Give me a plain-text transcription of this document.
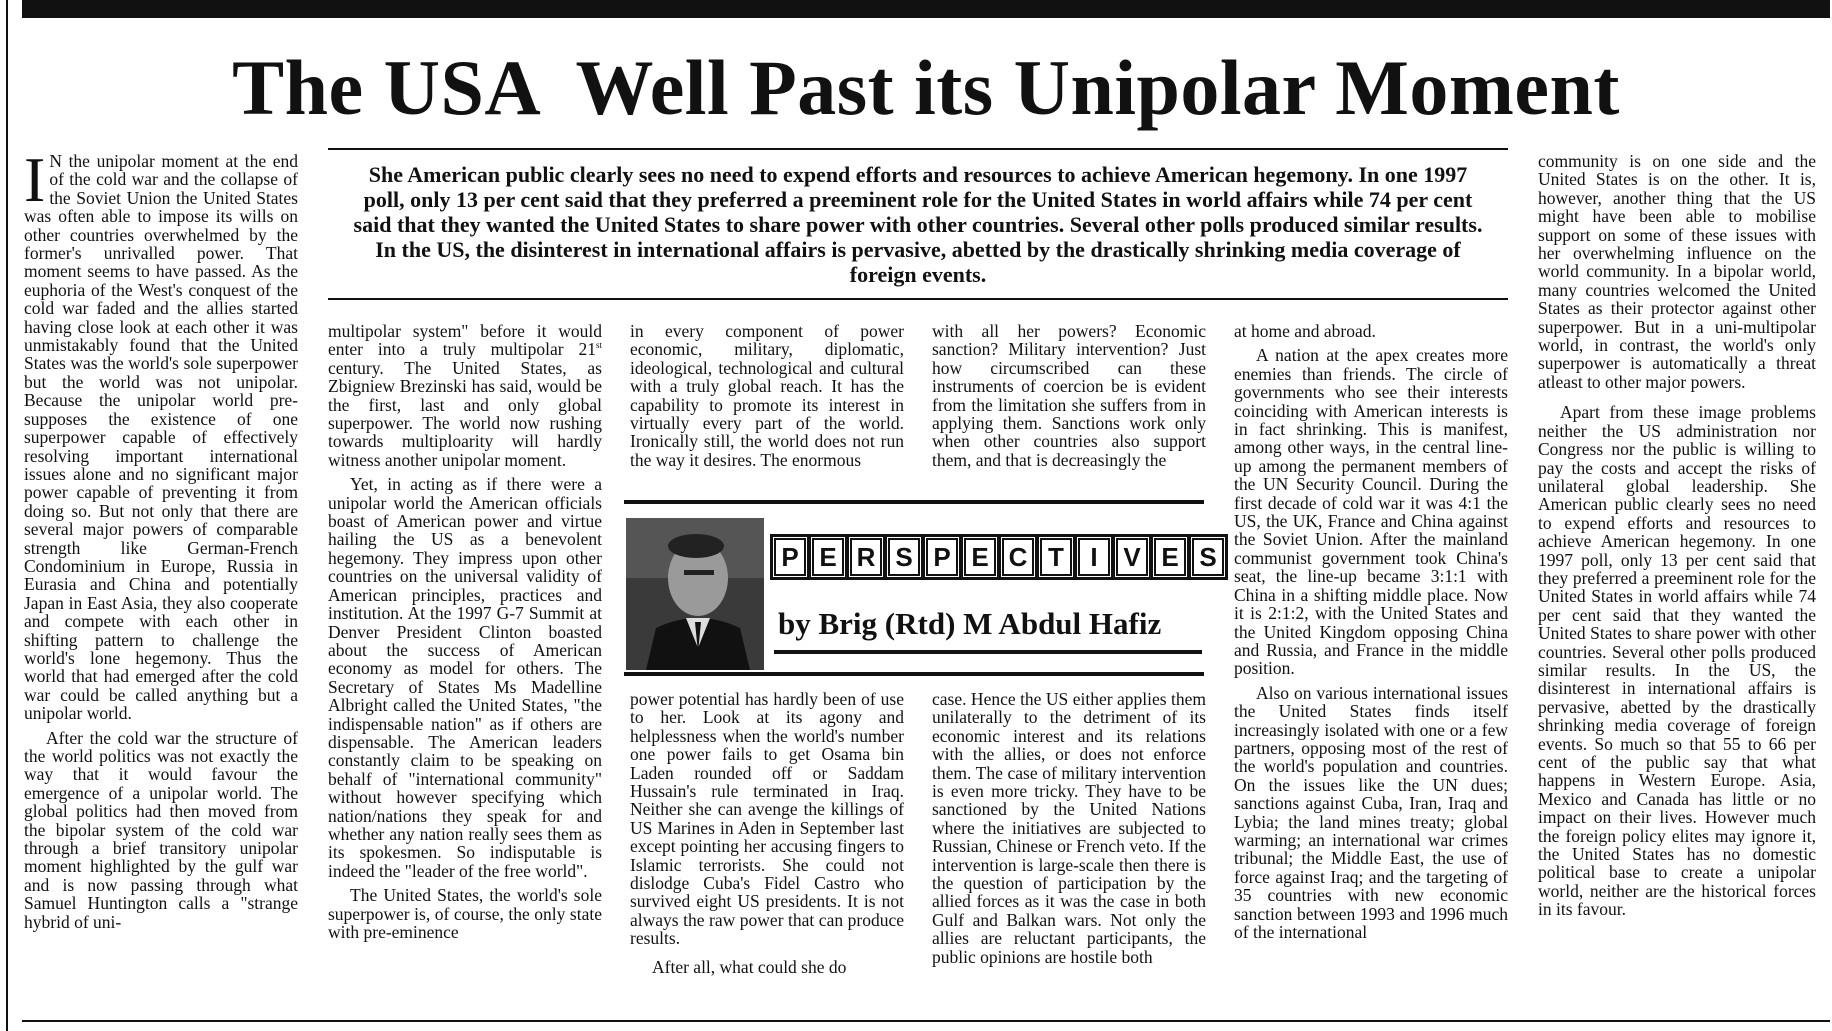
The USA  Well Past its Unipolar Moment

I N the unipolar moment at the end of the cold war and the collapse of the Soviet Union the United States was often able to impose its wills on other countries overwhelmed by the former's unrivalled power. That moment seems to have passed. As the euphoria of the West's conquest of the cold war faded and the allies started having close look at each other it was unmistakably found that the United States was the world's sole superpower but the world was not unipolar. Because the unipolar world pre-supposes the existence of one superpower capable of effectively resolving important international issues alone and no significant major power capable of preventing it from doing so. But not only that there are several major powers of comparable strength like German-French Condominium in Europe, Russia in Eurasia and China and potentially Japan in East Asia, they also cooperate and compete with each other in shifting pattern to challenge the world's lone hegemony. Thus the world that had emerged after the cold war could be called anything but a unipolar world.

After the cold war the structure of the world politics was not exactly the way that it would favour the emergence of a unipolar world. The global politics had then moved from the bipolar system of the cold war through a brief transitory unipolar moment highlighted by the gulf war and is now passing through what Samuel Huntington calls a "strange hybrid of uni-

She American public clearly sees no need to expend efforts and resources to achieve American hegemony. In one 1997 poll, only 13 per cent said that they preferred a preeminent role for the United States in world affairs while 74 per cent said that they wanted the United States to share power with other countries. Several other polls produced similar results. In the US, the disinterest in international affairs is pervasive, abetted by the drastically shrinking media coverage of foreign events.

multipolar system" before it would enter into a truly multipolar 21st century. The United States, as Zbigniew Brezinski has said, would be the first, last and only global superpower. The world now rushing towards multiploarity will hardly witness another unipolar moment.

Yet, in acting as if there were a unipolar world the American officials boast of American power and virtue hailing the US as a benevolent hegemony. They impress upon other countries on the universal validity of American principles, practices and institution. At the 1997 G-7 Summit at Denver President Clinton boasted about the success of American economy as model for others. The Secretary of States Ms Madelline Albright called the United States, "the indispensable nation" as if others are dispensable. The American leaders constantly claim to be speaking on behalf of "international community" without however specifying which nation/nations they speak for and whether any nation really sees them as its spokesmen. So indisputable is indeed the "leader of the free world".

The United States, the world's sole superpower is, of course, the only state with pre-eminence

in every component of power economic, military, diplomatic, ideological, technological and cultural with a truly global reach. It has the capability to promote its interest in virtually every part of the world. Ironically still, the world does not run the way it desires. The enormous

with all her powers? Economic sanction? Military intervention? Just how circumscribed can these instruments of coercion be is evident from the limitation she suffers from in applying them. Sanctions work only when other countries also support them, and that is decreasingly the

P E R S P E C T	I V E S

by Brig (Rtd) M Abdul Hafiz

power potential has hardly been of use to her. Look at its agony and helplessness when the world's number one power fails to get Osama bin Laden rounded off or Saddam Hussain's rule terminated in Iraq. Neither she can avenge the killings of US Marines in Aden in September last except pointing her accusing fingers to Islamic terrorists. She could not dislodge Cuba's Fidel Castro who survived eight US presidents. It is not always the raw power that can produce results.

After all, what could she do

case. Hence the US either applies them unilaterally to the detriment of its economic interest and its relations with the allies, or does not enforce them. The case of military intervention is even more tricky. They have to be sanctioned by the United Nations where the initiatives are subjected to Russian, Chinese or French veto. If the intervention is large-scale then there is the question of participation by the allied forces as it was the case in both Gulf and Balkan wars. Not only the allies are reluctant participants, the public opinions are hostile both

at home and abroad.

A nation at the apex creates more enemies than friends. The circle of governments who see their interests coinciding with American interests is in fact shrinking. This is manifest, among other ways, in the central line-up among the permanent members of the UN Security Council. During the first decade of cold war it was 4:1 the US, the UK, France and China against the Soviet Union. After the mainland communist government took China's seat, the line-up became 3:1:1 with China in a shifting middle place. Now it is 2:1:2, with the United States and the United Kingdom opposing China and Russia, and France in the middle position.

Also on various international issues the United States finds itself increasingly isolated with one or a few partners, opposing most of the rest of the world's population and countries. On the issues like the UN dues; sanctions against Cuba, Iran, Iraq and Lybia; the land mines treaty; global warming; an international war crimes tribunal; the Middle East, the use of force against Iraq; and the targeting of 35 countries with new economic sanction between 1993 and 1996 much of the international

community is on one side and the United States is on the other. It is, however, another thing that the US might have been able to mobilise support on some of these issues with her overwhelming influence on the world community. In a bipolar world, many countries welcomed the United States as their protector against other superpower. But in a uni-multipolar world, in contrast, the world's only superpower is automatically a threat atleast to other major powers.

Apart from these image problems neither the US administration nor Congress nor the public is willing to pay the costs and accept the risks of unilateral global leadership. She American public clearly sees no need to expend efforts and resources to achieve American hegemony. In one 1997 poll, only 13 per cent said that they preferred a preeminent role for the United States in world affairs while 74 per cent said that they wanted the United States to share power with other countries. Several other polls produced similar results. In the US, the disinterest in international affairs is pervasive, abetted by the drastically shrinking media coverage of foreign events. So much so that 55 to 66 per cent of the public say that what happens in Western Europe. Asia, Mexico and Canada has little or no impact on their lives. However much the foreign policy elites may ignore it, the United States has no domestic political base to create a unipolar world, neither are the historical forces in its favour.
